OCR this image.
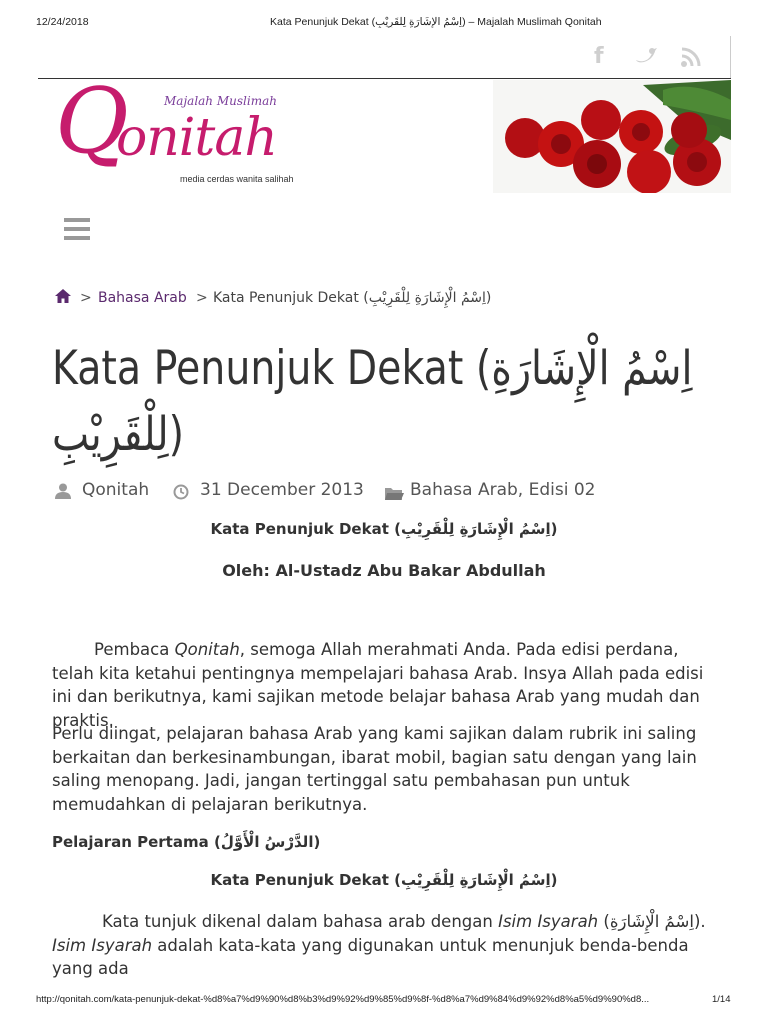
12/24/2018	Kata Penunjuk Dekat (اِسْمُ الْإِشَارَةِ لِلْقَرِيْبِ) – Majalah Muslimah Qonitah
f
Q
onitah
Majalah Muslimah
media cerdas wanita salihah
> Bahasa Arab > Kata Penunjuk Dekat (اِسْمُ الْإِشَارَةِ لِلْقَرِيْبِ)
Kata Penunjuk Dekat (اِسْمُ الْإِشَارَةِ
لِلْقَرِيْبِ)
Qonitah	31 December 2013	Bahasa Arab, Edisi 02
Kata Penunjuk Dekat (اِسْمُ الْإِشَارَةِ لِلْقَرِيْبِ)
Oleh: Al-Ustadz Abu Bakar Abdullah
Pembaca Qonitah, semoga Allah merahmati Anda. Pada edisi perdana, telah kita ketahui pentingnya mempelajari bahasa Arab. Insya Allah pada edisi ini dan berikutnya, kami sajikan metode belajar bahasa Arab yang mudah dan praktis.
Perlu diingat, pelajaran bahasa Arab yang kami sajikan dalam rubrik ini saling berkaitan dan berkesinambungan, ibarat mobil, bagian satu dengan yang lain saling menopang. Jadi, jangan tertinggal satu pembahasan pun untuk memudahkan di pelajaran berikutnya.
Pelajaran Pertama (الدَّرْسُ الْأَوَّلُ)
Kata Penunjuk Dekat (اِسْمُ الْإِشَارَةِ لِلْقَرِيْبِ)
Kata tunjuk dikenal dalam bahasa arab dengan Isim Isyarah (اِسْمُ الْإِشَارَةِ). Isim Isyarah adalah kata-kata yang digunakan untuk menunjuk benda-benda yang ada
http://qonitah.com/kata-penunjuk-dekat-%d8%a7%d9%90%d8%b3%d9%92%d9%85%d9%8f-%d8%a7%d9%84%d9%92%d8%a5%d9%90%d8...	1/14
